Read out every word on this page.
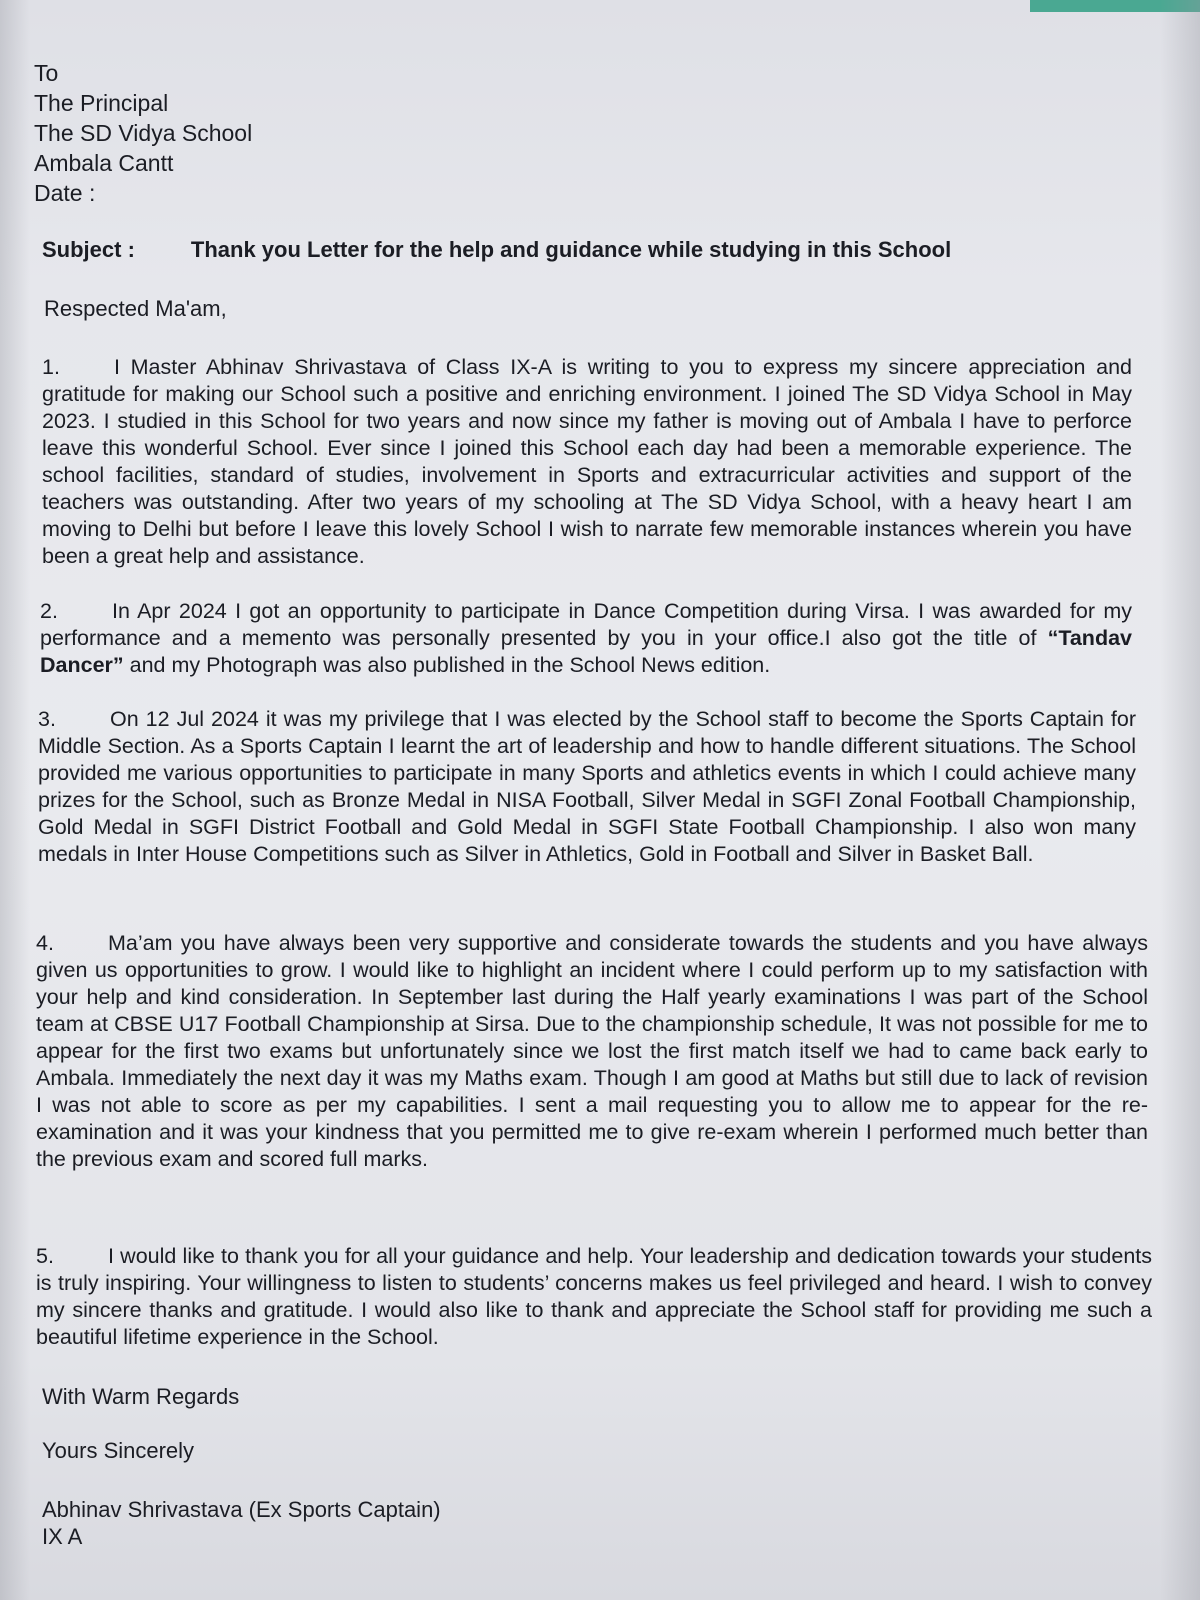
To
The Principal
The SD Vidya School
Ambala Cantt
Date :
Subject :	Thank you Letter for the help and guidance while studying in this School
Respected Ma'am,
1.	I Master Abhinav Shrivastava of Class IX-A is writing to you to express my sincere appreciation and gratitude for making our School such a positive and enriching environment. I joined The SD Vidya School in May 2023. I studied in this School for two years and now since my father is moving out of Ambala I have to perforce leave this wonderful School. Ever since I joined this School each day had been a memorable experience. The school facilities, standard of studies, involvement in Sports and extracurricular activities and support of the teachers was outstanding. After two years of my schooling at The SD Vidya School, with a heavy heart I am moving to Delhi but before I leave this lovely School I wish to narrate few memorable instances wherein you have been a great help and assistance.
2.	In Apr 2024 I got an opportunity to participate in Dance Competition during Virsa. I was awarded for my performance and a memento was personally presented by you in your office.I also got the title of “Tandav Dancer” and my Photograph was also published in the School News edition.
3.	On 12 Jul 2024 it was my privilege that I was elected by the School staff to become the Sports Captain for Middle Section. As a Sports Captain I learnt the art of leadership and how to handle different situations. The School provided me various opportunities to participate in many Sports and athletics events in which I could achieve many prizes for the School, such as Bronze Medal in NISA Football, Silver Medal in SGFI Zonal Football Championship, Gold Medal in SGFI District Football and Gold Medal in SGFI State Football Championship. I also won many medals in Inter House Competitions such as Silver in Athletics, Gold in Football and Silver in Basket Ball.
4.	Ma’am you have always been very supportive and considerate towards the students and you have always given us opportunities to grow. I would like to highlight an incident where I could perform up to my satisfaction with your help and kind consideration. In September last during the Half yearly examinations I was part of the School team at CBSE U17 Football Championship at Sirsa. Due to the championship schedule, It was not possible for me to appear for the first two exams but unfortunately since we lost the first match itself we had to came back early to Ambala. Immediately the next day it was my Maths exam. Though I am good at Maths but still due to lack of revision I was not able to score as per my capabilities. I sent a mail requesting you to allow me to appear for the re-examination and it was your kindness that you permitted me to give re-exam wherein I performed much better than the previous exam and scored full marks.
5.	I would like to thank you for all your guidance and help. Your leadership and dedication towards your students is truly inspiring. Your willingness to listen to students’ concerns makes us feel privileged and heard. I wish to convey my sincere thanks and gratitude. I would also like to thank and appreciate the School staff for providing me such a beautiful lifetime experience in the School.
With Warm Regards
Yours Sincerely
Abhinav Shrivastava (Ex Sports Captain)
IX A
